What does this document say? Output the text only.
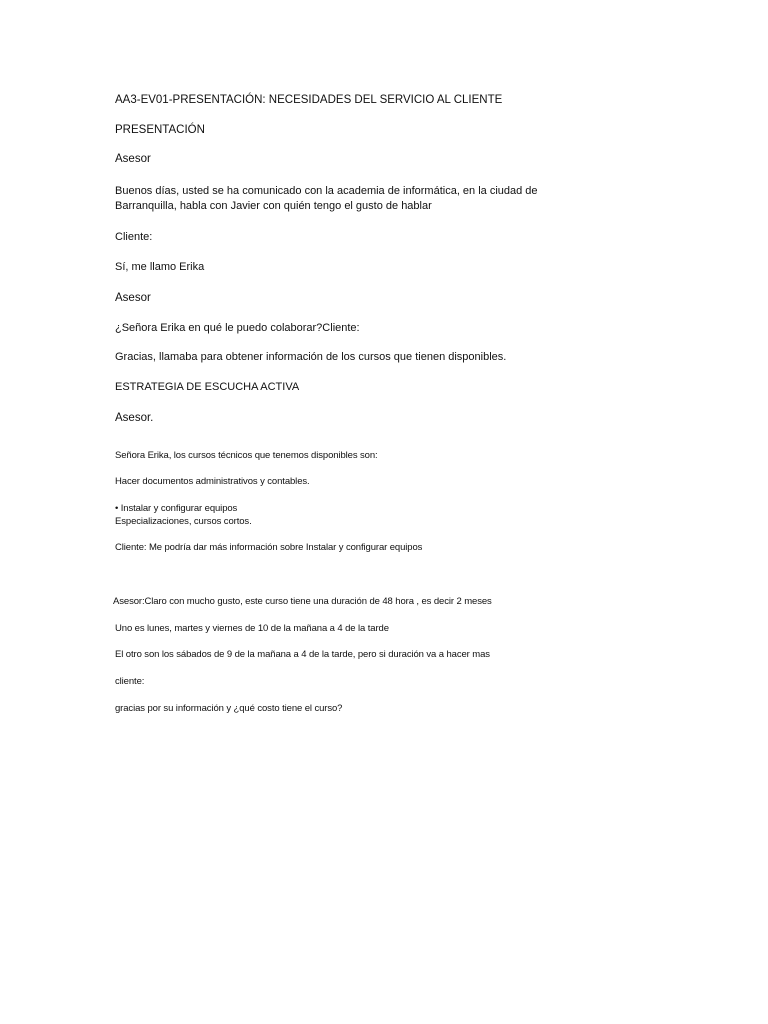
AA3-EV01-PRESENTACIÓN: NECESIDADES DEL SERVICIO AL CLIENTE
PRESENTACIÓN
Asesor
Buenos días, usted se ha comunicado con la academia de informática, en la ciudad de
Barranquilla, habla con Javier con quién tengo el gusto de hablar
Cliente:
Sí, me llamo Erika
Asesor
¿Señora Erika en qué le puedo colaborar?Cliente:
Gracias, llamaba para obtener información de los cursos que tienen disponibles.
ESTRATEGIA DE ESCUCHA ACTIVA
Asesor.
Señora Erika, los cursos técnicos que tenemos disponibles son:
Hacer documentos administrativos y contables.
• Instalar y configurar equipos
Especializaciones, cursos cortos.
Cliente: Me podría dar más información sobre Instalar y configurar equipos
Asesor:Claro con mucho gusto, este curso tiene una duración de 48 hora , es decir 2 meses
Uno es lunes, martes y viernes de 10 de la mañana a 4 de la tarde
El otro son los sábados de 9 de la mañana a 4 de la tarde, pero si duración va a hacer mas
cliente:
gracias por su información y ¿qué costo tiene el curso?
